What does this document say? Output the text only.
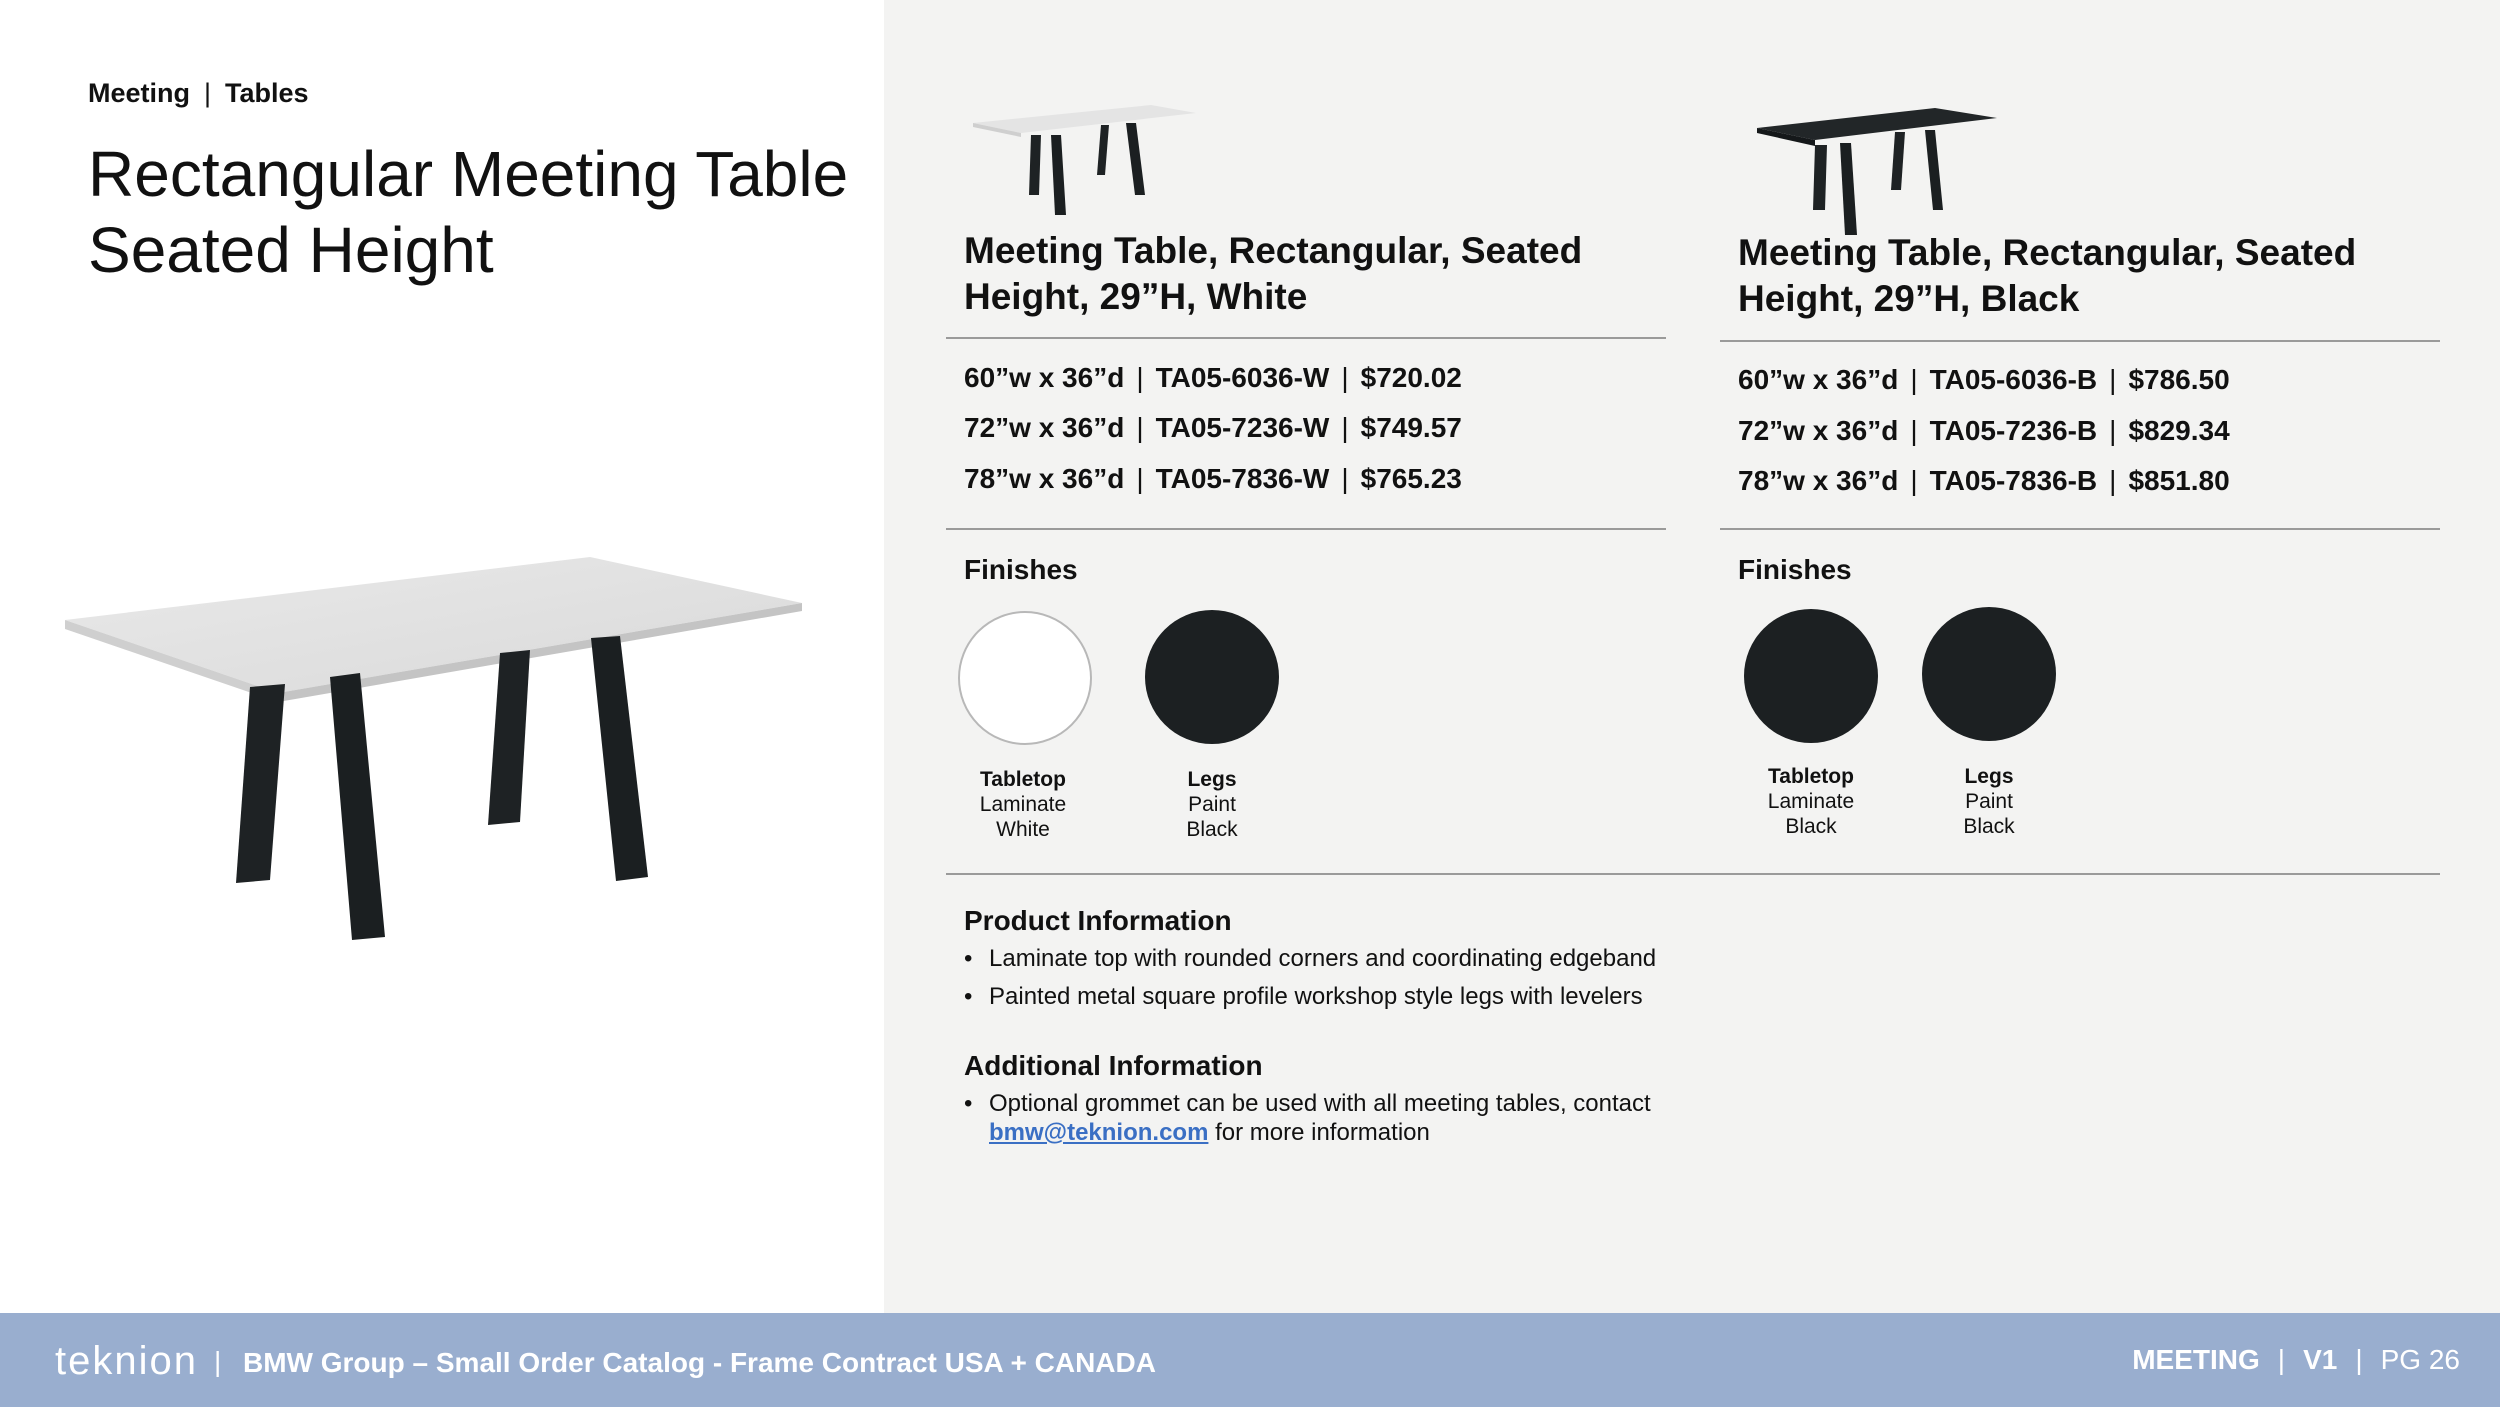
Meeting | Tables
Rectangular Meeting Table
Seated Height	Meeting Table, Rectangular, Seated Height, 29”H, White
60”w x 36”d | TA05-6036-W | $720.02
72”w x 36”d | TA05-7236-W | $749.57
78”w x 36”d | TA05-7836-W | $765.23
Finishes
Tabletop
Laminate
White
Legs
Paint
Black
Meeting Table, Rectangular, Seated Height, 29”H, Black
60”w x 36”d | TA05-6036-B | $786.50
72”w x 36”d | TA05-7236-B | $829.34
78”w x 36”d | TA05-7836-B | $851.80
Finishes
Tabletop
Laminate
Black
Legs
Paint
Black
Product Information
• Laminate top with rounded corners and coordinating edgeband
• Painted metal square profile workshop style legs with levelers
Additional Information
• Optional grommet can be used with all meeting tables, contact
bmw@teknion.com for more information
teknion | BMW Group – Small Order Catalog - Frame Contract USA + CANADA	MEETING | V1 | PG 26
